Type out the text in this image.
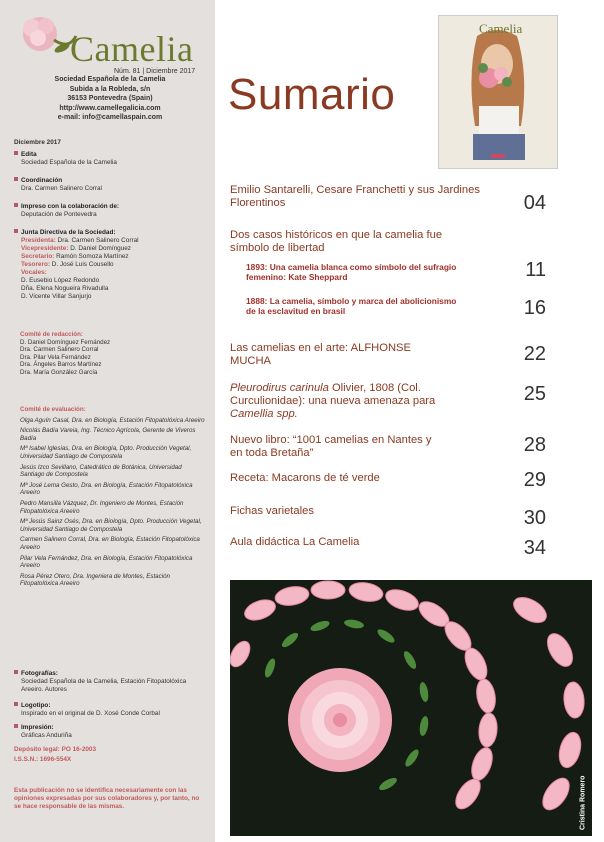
Camelia
Núm. 81 | Diciembre 2017
Sociedad Española de la Camelia
Subida a la Robleda, s/n
36153 Pontevedra (Spain)
http://www.camellegalicia.com
e-mail: info@camellaspain.com
Diciembre 2017
Edita
Sociedad Española de la Camelia
Coordinación
Dra. Carmen Salinero Corral
Impreso con la colaboración de:
Deputación de Pontevedra
Junta Directiva de la Sociedad:
Presidenta: Dra. Carmen Salinero Corral
Vicepresidente: D. Daniel Domínguez
Secretario: Ramón Somoza Martínez
Tesorero: D. José Luis Cousello
Vocales:
D. Eusebio López Redondo
Dña. Elena Nogueira Rivadulla
D. Vicente Villar Sanjurjo
Comité de redacción:
D. Daniel Domínguez Fernández
Dra. Carmen Salinero Corral
Dra. Pilar Vela Fernández
Dra. Ángeles Barros Martínez
Dra. María González García
Comité de evaluación:
Olga Aguín Casal, Dra. en Biología, Estación Fitopatolóxica Areeiro
Nicolás Badía Vareia, Ing. Técnico Agrícola, Gerente de Viveros Badía
Mª Isabel Iglesias, Dra. en Biología, Dpto. Producción Vegetal, Universidad Santiago de Compostela
Jesús Izco Sevillano, Catedrático de Botánica, Universidad Santiago de Compostela
Mª José Lema Gesto, Dra. en Biología, Estación Fitopatolóxica Areeiro
Pedro Mansilla Vázquez, Dr. Ingeniero de Montes, Estación Fitopatolóxica Areeiro
Mª Jesús Sainz Osés, Dra. en Biología, Dpto. Producción Vegetal, Universidad Santiago de Compostela
Carmen Salinero Corral, Dra. en Biología, Estación Fitopatolóxica Areeiro
Pilar Vela Fernández, Dra. en Biología, Estación Fitopatolóxica Areeiro
Rosa Pérez Otero, Dra. Ingeniera de Montes, Estación Fitopatolóxica Areeiro
Fotografías:
Sociedad Española de la Camelia, Estación Fitopatolóxica Areeiro. Autores
Logotipo:
Inspirado en el original de D. Xosé Conde Corbal
Impresión:
Gráficas Anduriña
Depósito legal: PO 16-2003
I.S.S.N.: 1696-554X
Esta publicación no se identifica necesariamente con las opiniones expresadas por sus colaboradores y, por tanto, no se hace responsable de las mismas.
Camelia
Sumario
Emilio Santarelli, Cesare Franchetti y sus Jardines Florentinos	04
Dos casos históricos en que la camelia fue símbolo de libertad
1893: Una camelia blanca como símbolo del sufragio femenino: Kate Sheppard	11
1888: La camelia, símbolo y marca del abolicionismo de la esclavitud en brasil	16
Las camelias en el arte: ALFHONSE MUCHA	22
Pleurodirus carinula Olivier, 1808 (Col. Curculionidae): una nueva amenaza para Camellia spp.
25
Nuevo libro: “1001 camelias en Nantes y en toda Bretaña”	28
Receta: Macarons de té verde	29
Fichas varietales	30
Aula didáctica La Camelia	34
Cristina Romero
